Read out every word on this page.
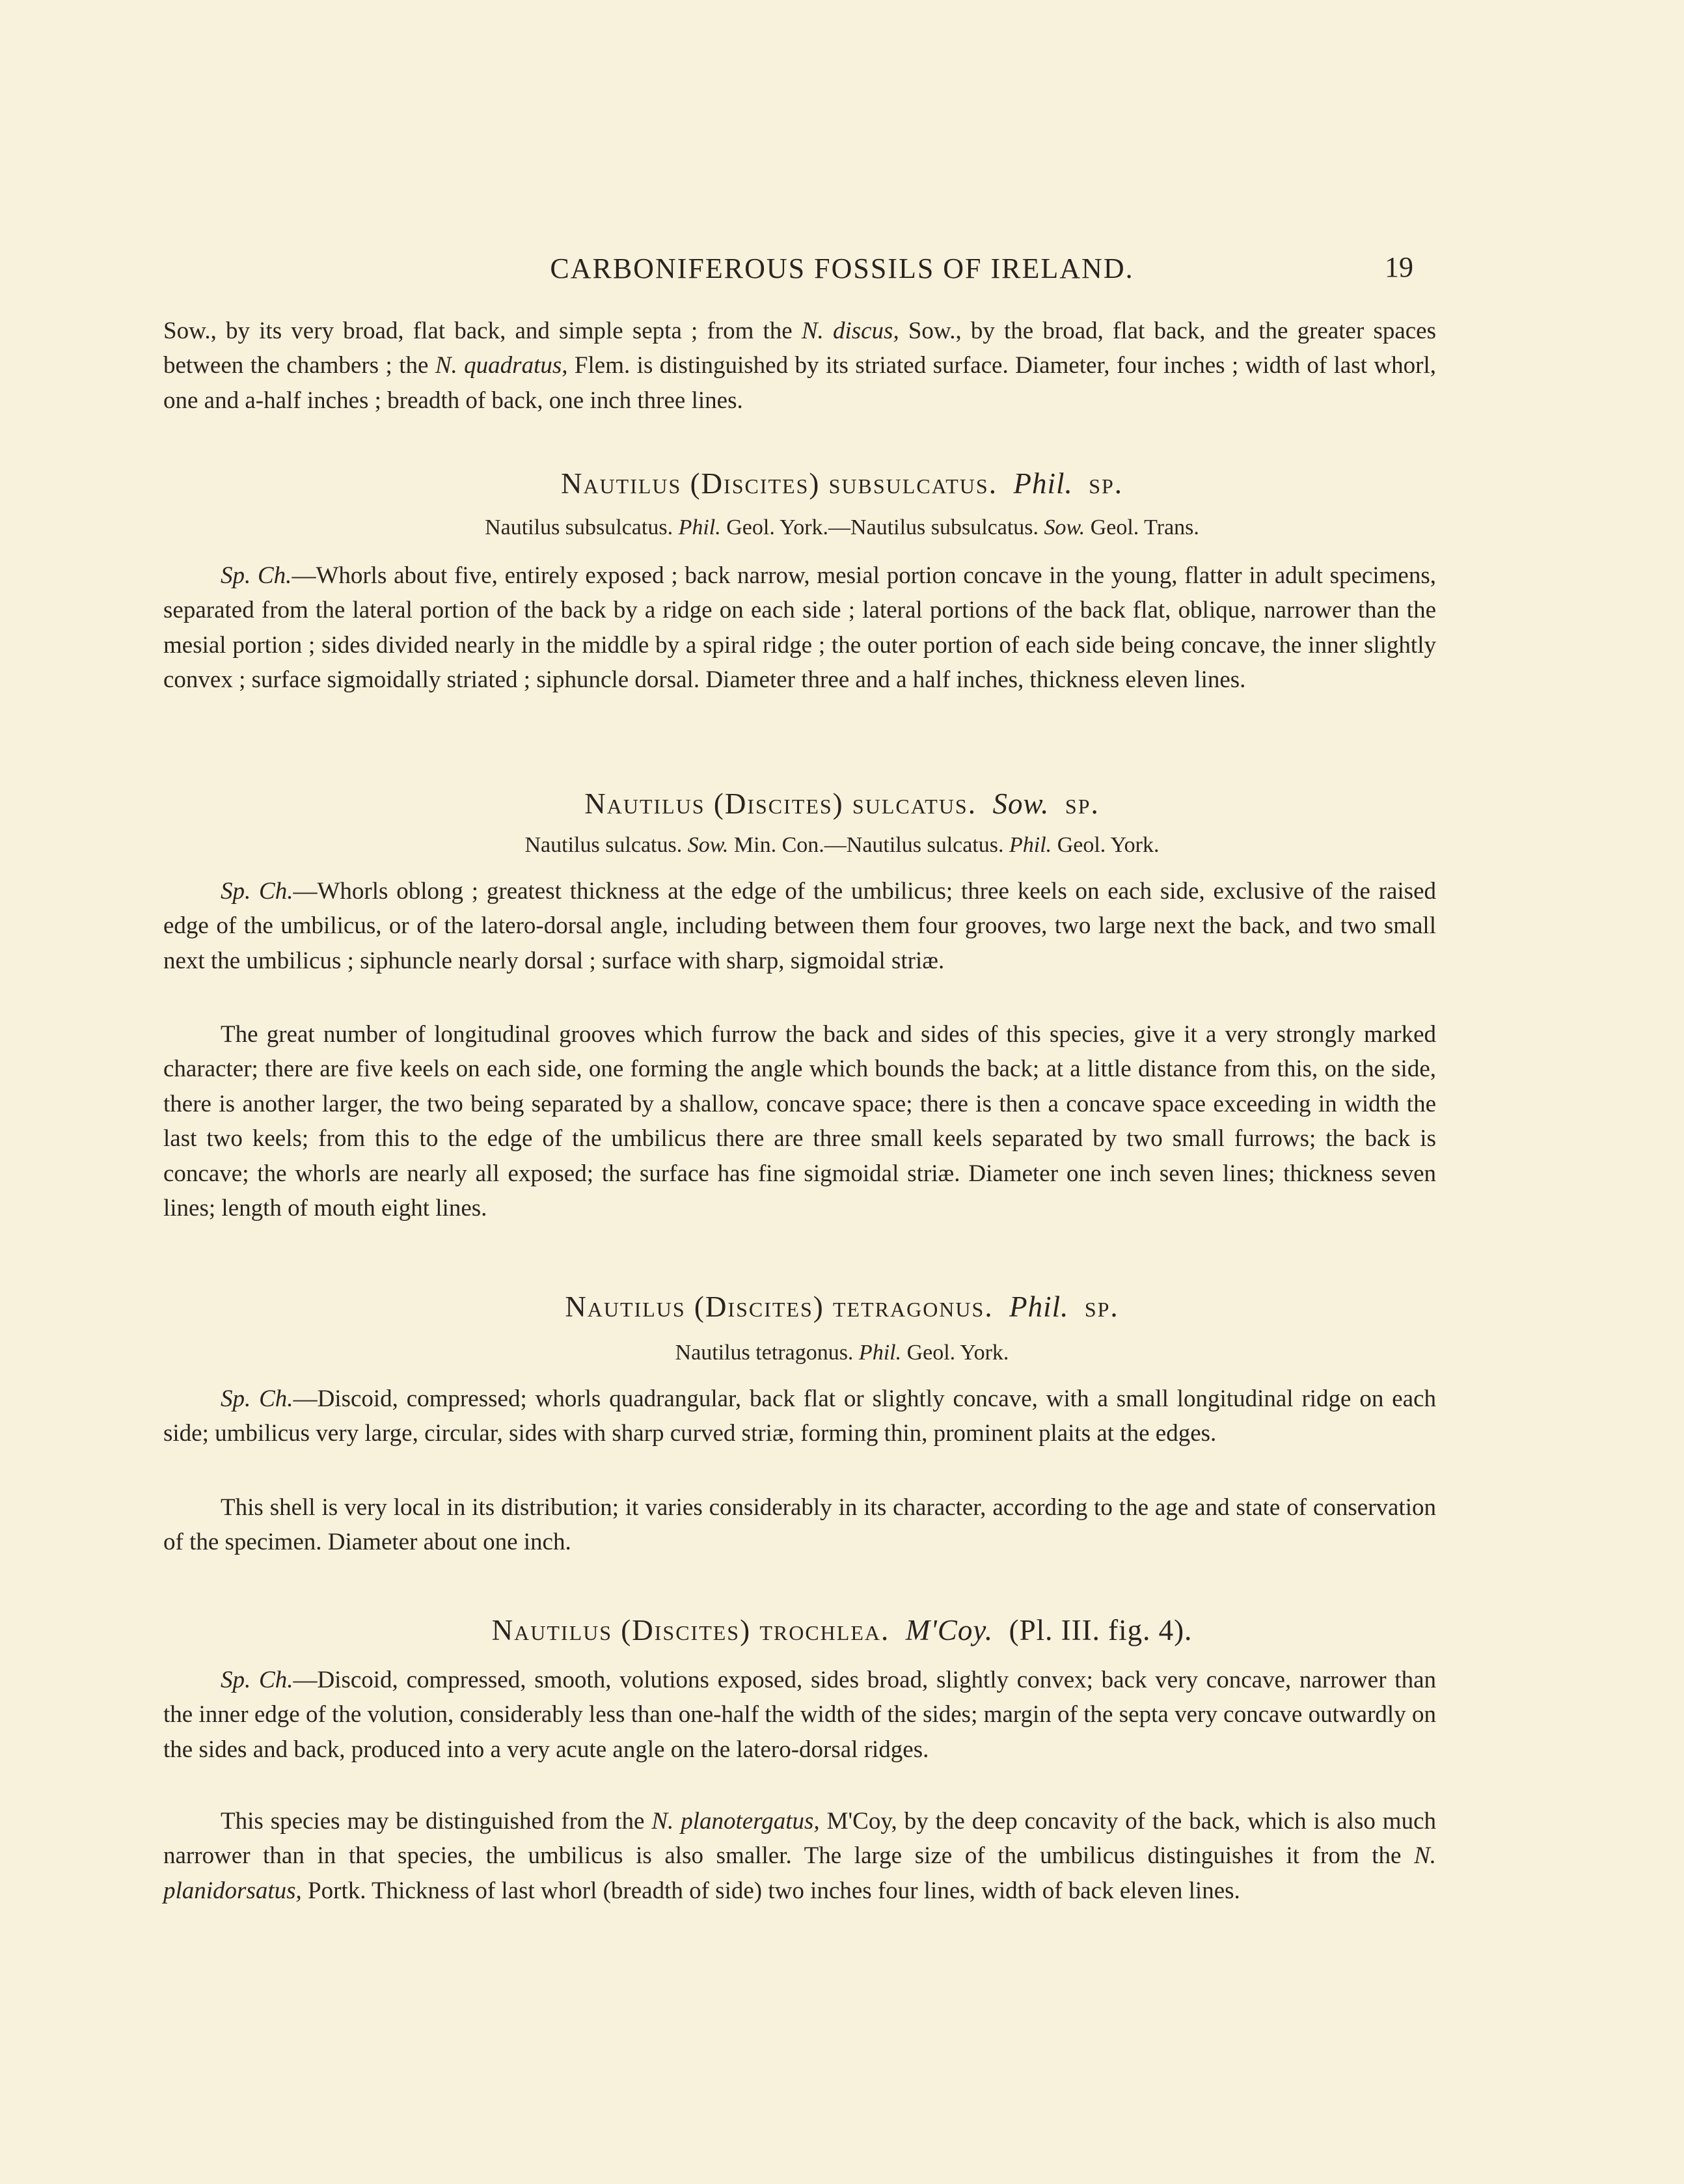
CARBONIFEROUS FOSSILS OF IRELAND.	19

Sow., by its very broad, flat back, and simple septa ; from the N. discus, Sow., by the broad, flat back, and the greater spaces between the chambers ; the N. quadratus, Flem. is distinguished by its striated surface. Diameter, four inches ; width of last whorl, one and a-half inches ; breadth of back, one inch three lines.

Nautilus (Discites) subsulcatus. Phil. sp.
Nautilus subsulcatus. Phil. Geol. York.—Nautilus subsulcatus. Sow. Geol. Trans.

Sp. Ch.—Whorls about five, entirely exposed ; back narrow, mesial portion concave in the young, flatter in adult specimens, separated from the lateral portion of the back by a ridge on each side ; lateral portions of the back flat, oblique, narrower than the mesial portion ; sides divided nearly in the middle by a spiral ridge ; the outer portion of each side being concave, the inner slightly convex ; surface sigmoidally striated ; siphuncle dorsal. Diameter three and a half inches, thickness eleven lines.

Nautilus (Discites) sulcatus. Sow. sp.
Nautilus sulcatus. Sow. Min. Con.—Nautilus sulcatus. Phil. Geol. York.

Sp. Ch.—Whorls oblong ; greatest thickness at the edge of the umbilicus; three keels on each side, exclusive of the raised edge of the umbilicus, or of the latero-dorsal angle, including between them four grooves, two large next the back, and two small next the umbilicus ; siphuncle nearly dorsal ; surface with sharp, sigmoidal striæ.

The great number of longitudinal grooves which furrow the back and sides of this species, give it a very strongly marked character; there are five keels on each side, one forming the angle which bounds the back; at a little distance from this, on the side, there is another larger, the two being separated by a shallow, concave space; there is then a concave space exceeding in width the last two keels; from this to the edge of the umbilicus there are three small keels separated by two small furrows; the back is concave; the whorls are nearly all exposed; the surface has fine sigmoidal striæ. Diameter one inch seven lines; thickness seven lines; length of mouth eight lines.

Nautilus (Discites) tetragonus. Phil. sp.
Nautilus tetragonus. Phil. Geol. York.

Sp. Ch.—Discoid, compressed; whorls quadrangular, back flat or slightly concave, with a small longitudinal ridge on each side; umbilicus very large, circular, sides with sharp curved striæ, forming thin, prominent plaits at the edges.

This shell is very local in its distribution; it varies considerably in its character, according to the age and state of conservation of the specimen. Diameter about one inch.

Nautilus (Discites) trochlea. M'Coy. (Pl. III. fig. 4).

Sp. Ch.—Discoid, compressed, smooth, volutions exposed, sides broad, slightly convex; back very concave, narrower than the inner edge of the volution, considerably less than one-half the width of the sides; margin of the septa very concave outwardly on the sides and back, produced into a very acute angle on the latero-dorsal ridges.

This species may be distinguished from the N. planotergatus, M'Coy, by the deep concavity of the back, which is also much narrower than in that species, the umbilicus is also smaller. The large size of the umbilicus distinguishes it from the N. planidorsatus, Portk. Thickness of last whorl (breadth of side) two inches four lines, width of back eleven lines.
